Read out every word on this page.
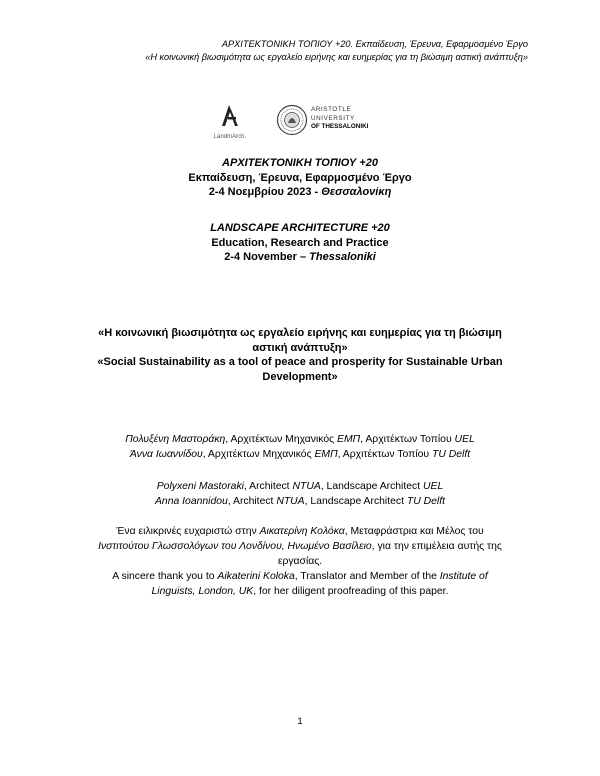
ΑΡΧΙΤΕΚΤΟΝΙΚΗ ΤΟΠΙΟΥ +20. Εκπαίδευση, Έρευνα, Εφαρμοσμένο Έργο
«Η κοινωνική βιωσιμότητα ως εργαλείο ειρήνης και ευημερίας για τη βιώσιμη αστική ανάπτυξη»
LandmArch.
ARISTOTLE
UNIVERSITY
OF THESSALONIKI
ΑΡΧΙΤΕΚΤΟΝΙΚΗ ΤΟΠΙΟΥ +20
Εκπαίδευση, Έρευνα, Εφαρμοσμένο Έργο
2-4 Νοεμβρίου 2023 - Θεσσαλονίκη
LANDSCAPE ARCHITECTURE +20
Education, Research and Practice
2-4 November – Thessaloniki
«Η κοινωνική βιωσιμότητα ως εργαλείο ειρήνης και ευημερίας για τη βιώσιμη
αστική ανάπτυξη»
«Social Sustainability as a tool of peace and prosperity for Sustainable Urban
Development»
Πολυξένη Μαστοράκη, Αρχιτέκτων Μηχανικός ΕΜΠ, Αρχιτέκτων Τοπίου UEL
Άννα Ιωαννίδου, Αρχιτέκτων Μηχανικός ΕΜΠ, Αρχιτέκτων Τοπίου TU Delft
Polyxeni Mastoraki, Architect NTUA, Landscape Architect UEL
Anna Ioannidou, Architect NTUA, Landscape Architect TU Delft
Ένα ειλικρινές ευχαριστώ στην Αικατερίνη Κολόκα, Μεταφράστρια και Μέλος του
Ινστιτούτου Γλωσσολόγων του Λονδίνου, Ηνωμένο Βασίλειο, για την επιμέλεια αυτής της
εργασίας.
A sincere thank you to Aikaterini Koloka, Translator and Member of the Institute of
Linguists, London, UK, for her diligent proofreading of this paper.
1
